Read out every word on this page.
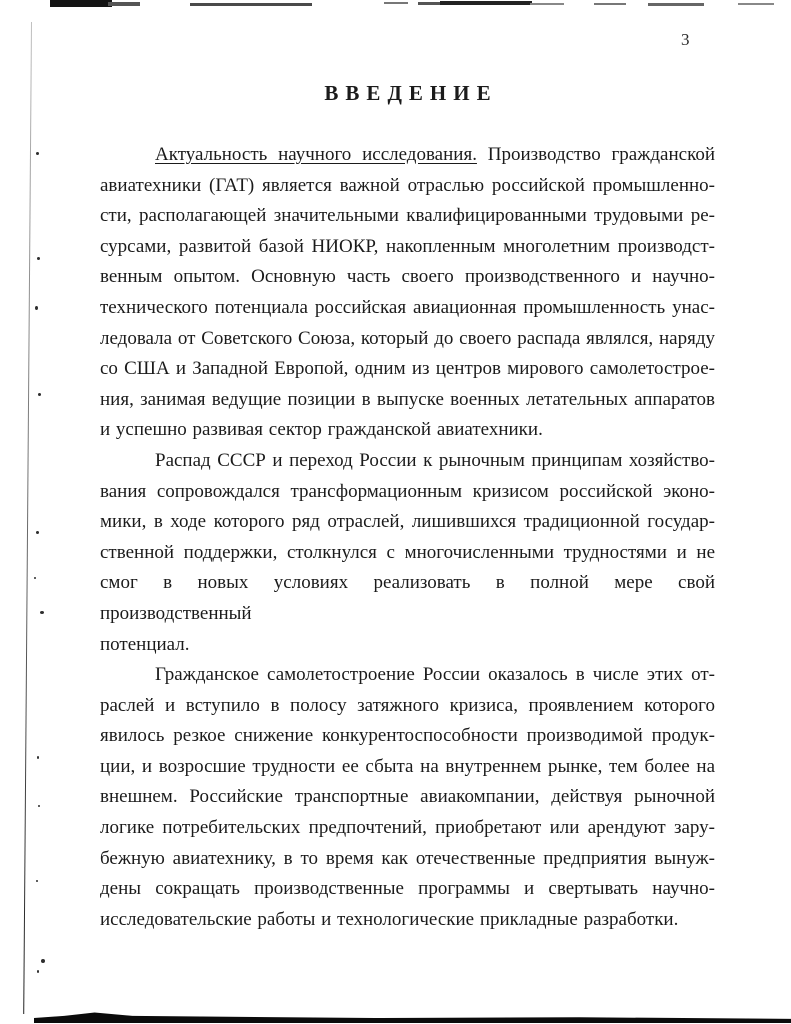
3
ВВЕДЕНИЕ
Актуальность научного исследования. Производство гражданской
авиатехники (ГАТ) является важной отраслью российской промышленно-
сти, располагающей значительными квалифицированными трудовыми ре-
сурсами, развитой базой НИОКР, накопленным многолетним производст-
венным опытом. Основную часть своего производственного и научно-
технического потенциала российская авиационная промышленность унас-
ледовала от Советского Союза, который до своего распада являлся, наряду
со США и Западной Европой, одним из центров мирового самолетострое-
ния, занимая ведущие позиции в выпуске военных летательных аппаратов
и успешно развивая сектор гражданской авиатехники.
Распад СССР и переход России к рыночным принципам хозяйство-
вания сопровождался трансформационным кризисом российской эконо-
мики, в ходе которого ряд отраслей, лишившихся традиционной государ-
ственной поддержки, столкнулся с многочисленными трудностями и не
смог в новых условиях реализовать в полной мере свой производственный
потенциал.
Гражданское самолетостроение России оказалось в числе этих от-
раслей и вступило в полосу затяжного кризиса, проявлением которого
явилось резкое снижение конкурентоспособности производимой продук-
ции, и возросшие трудности ее сбыта на внутреннем рынке, тем более на
внешнем. Российские транспортные авиакомпании, действуя рыночной
логике потребительских предпочтений, приобретают или арендуют зару-
бежную авиатехнику, в то время как отечественные предприятия вынуж-
дены сокращать производственные программы и свертывать научно-
исследовательские работы и технологические прикладные разработки.
